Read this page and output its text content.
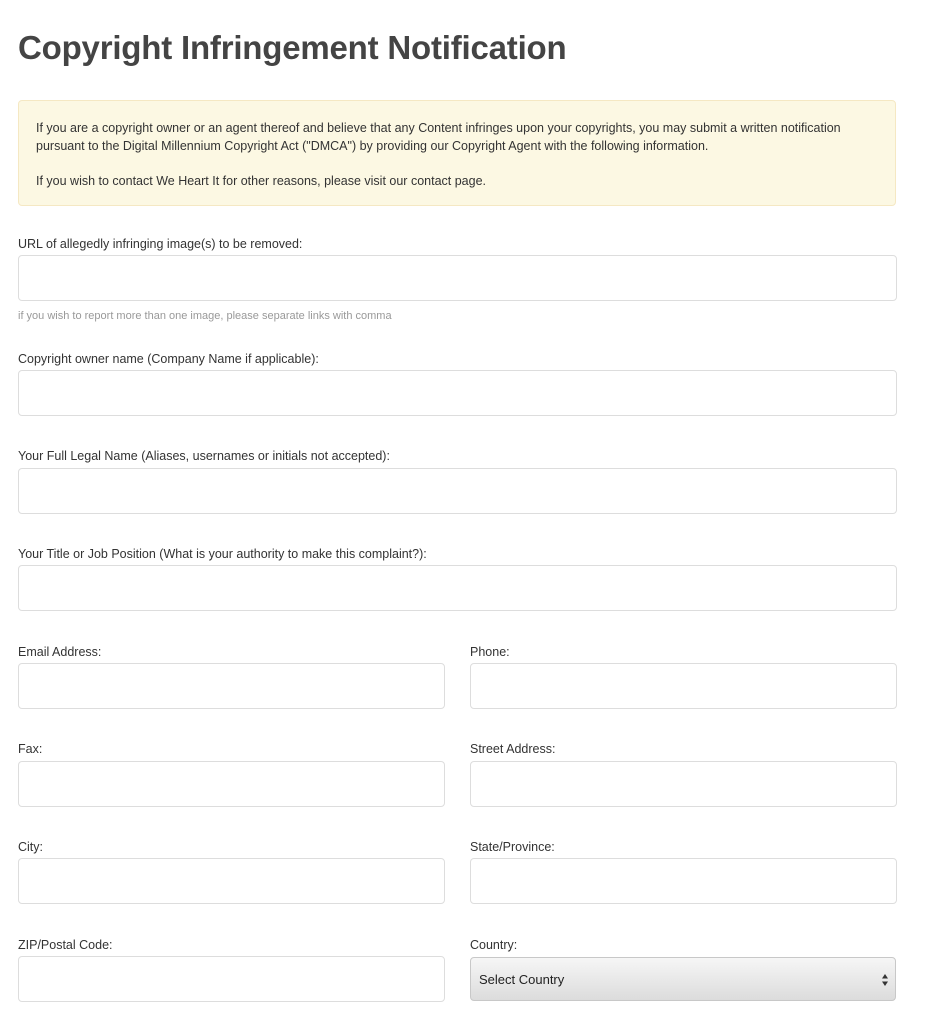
Copyright Infringement Notification

If you are a copyright owner or an agent thereof and believe that any Content infringes upon your copyrights, you may submit a written notification pursuant to the Digital Millennium Copyright Act ("DMCA") by providing our Copyright Agent with the following information.

If you wish to contact We Heart It for other reasons, please visit our contact page.

URL of allegedly infringing image(s) to be removed:
if you wish to report more than one image, please separate links with comma
Copyright owner name (Company Name if applicable):
Your Full Legal Name (Aliases, usernames or initials not accepted):
Your Title or Job Position (What is your authority to make this complaint?):
Email Address:	Phone:
Fax:	Street Address:
City:	State/Province:
ZIP/Postal Code:	Country:
Select Country
